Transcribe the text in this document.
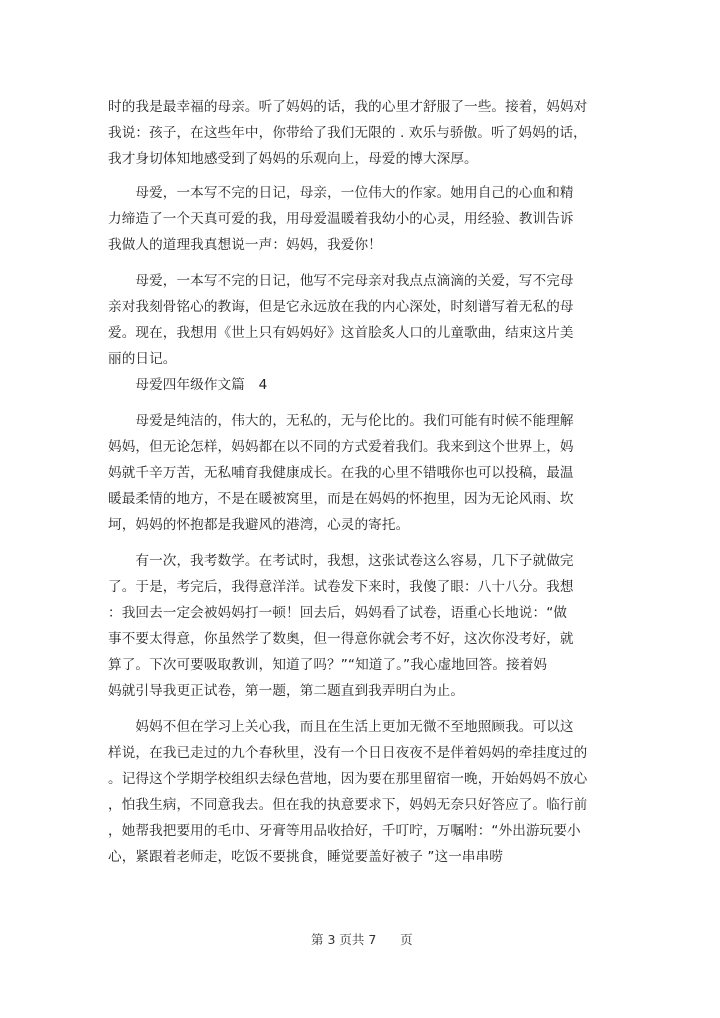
时的我是最幸福的母亲。听了妈妈的话，我的心里才舒服了一些。接着，妈妈对
我说：孩子，在这些年中，你带给了我们无限的 . 欢乐与骄傲。听了妈妈的话，
我才身切体知地感受到了妈妈的乐观向上，母爱的博大深厚。
　　母爱，一本写不完的日记，母亲，一位伟大的作家。她用自己的心血和精
力缔造了一个天真可爱的我，用母爱温暖着我幼小的心灵，用经验、教训告诉
我做人的道理我真想说一声：妈妈，我爱你！
　　母爱，一本写不完的日记，他写不完母亲对我点点滴滴的关爱，写不完母
亲对我刻骨铭心的教诲，但是它永远放在我的内心深处，时刻谱写着无私的母
爱。现在，我想用《世上只有妈妈好》这首脍炙人口的儿童歌曲，结束这片美
丽的日记。
　　母爱四年级作文篇　4
　　母爱是纯洁的，伟大的，无私的，无与伦比的。我们可能有时候不能理解
妈妈，但无论怎样，妈妈都在以不同的方式爱着我们。我来到这个世界上，妈
妈就千辛万苦，无私哺育我健康成长。在我的心里不错哦你也可以投稿，最温
暖最柔情的地方，不是在暖被窝里，而是在妈妈的怀抱里，因为无论风雨、坎
坷，妈妈的怀抱都是我避风的港湾，心灵的寄托。
　　有一次，我考数学。在考试时，我想，这张试卷这么容易，几下子就做完
了。于是，考完后，我得意洋洋。试卷发下来时，我傻了眼：八十八分。我想
：我回去一定会被妈妈打一顿！回去后，妈妈看了试卷，语重心长地说：“做
事不要太得意，你虽然学了数奥，但一得意你就会考不好，这次你没考好，就
算了。下次可要吸取教训，知道了吗？”“知道了。”我心虚地回答。接着妈
妈就引导我更正试卷，第一题，第二题直到我弄明白为止。
　　妈妈不但在学习上关心我，而且在生活上更加无微不至地照顾我。可以这
样说，在我已走过的九个春秋里，没有一个日日夜夜不是伴着妈妈的牵挂度过的
。记得这个学期学校组织去绿色营地，因为要在那里留宿一晚，开始妈妈不放心
，怕我生病，不同意我去。但在我的执意要求下，妈妈无奈只好答应了。临行前
，她帮我把要用的毛巾、牙膏等用品收拾好，千叮咛，万嘱咐：“外出游玩要小
心，紧跟着老师走，吃饭不要挑食，睡觉要盖好被子 ”这一串串唠
第 3 页共 7      页
